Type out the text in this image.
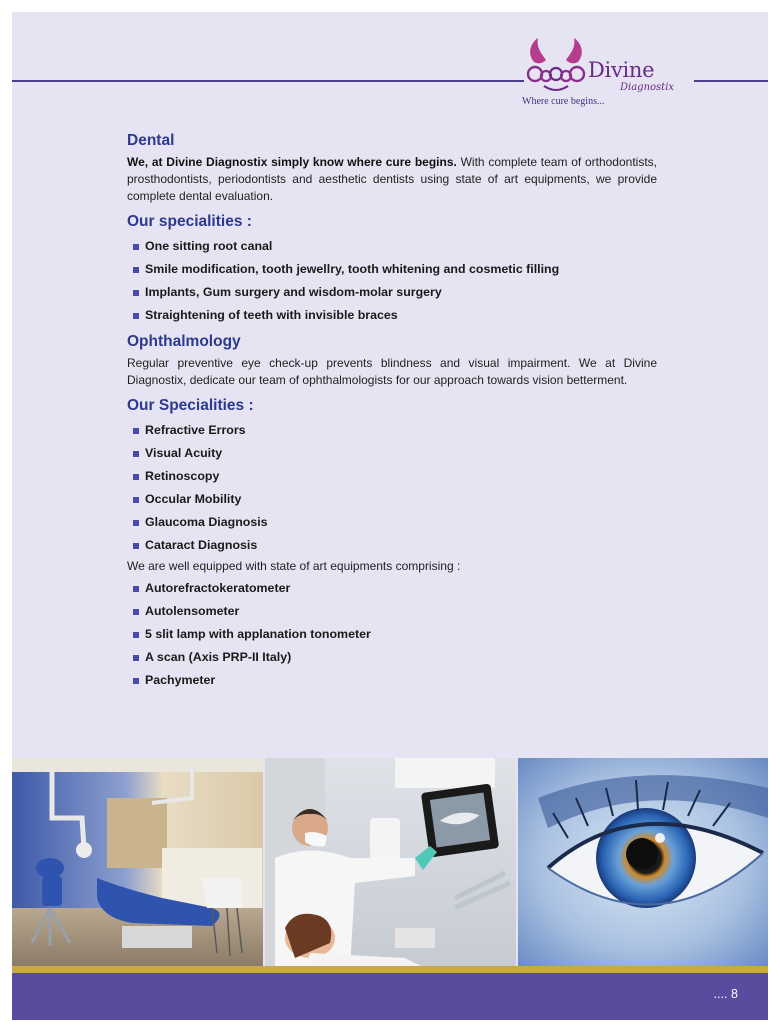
Divine
Diagnostix
Where cure begins...
Dental

We, at Divine Diagnostix simply know where cure begins. With complete team of orthodontists, prosthodontists, periodontists and aesthetic dentists using state of art equipments, we provide complete dental evaluation.

Our specialities :
One sitting root canal
Smile modification, tooth jewellry, tooth whitening and cosmetic filling
Implants, Gum surgery and wisdom-molar surgery
Straightening of teeth with invisible braces
Ophthalmology

Regular preventive eye check-up prevents blindness and visual impairment. We at Divine Diagnostix, dedicate our team of ophthalmologists for our approach towards vision betterment.

Our Specialities :
Refractive Errors
Visual Acuity
Retinoscopy
Occular Mobility
Glaucoma Diagnosis
Cataract Diagnosis

We are well equipped with state of art equipments comprising :

Autorefractokeratometer
Autolensometer
5 slit lamp with applanation tonometer
A scan (Axis PRP-II Italy)
Pachymeter
.... 8
